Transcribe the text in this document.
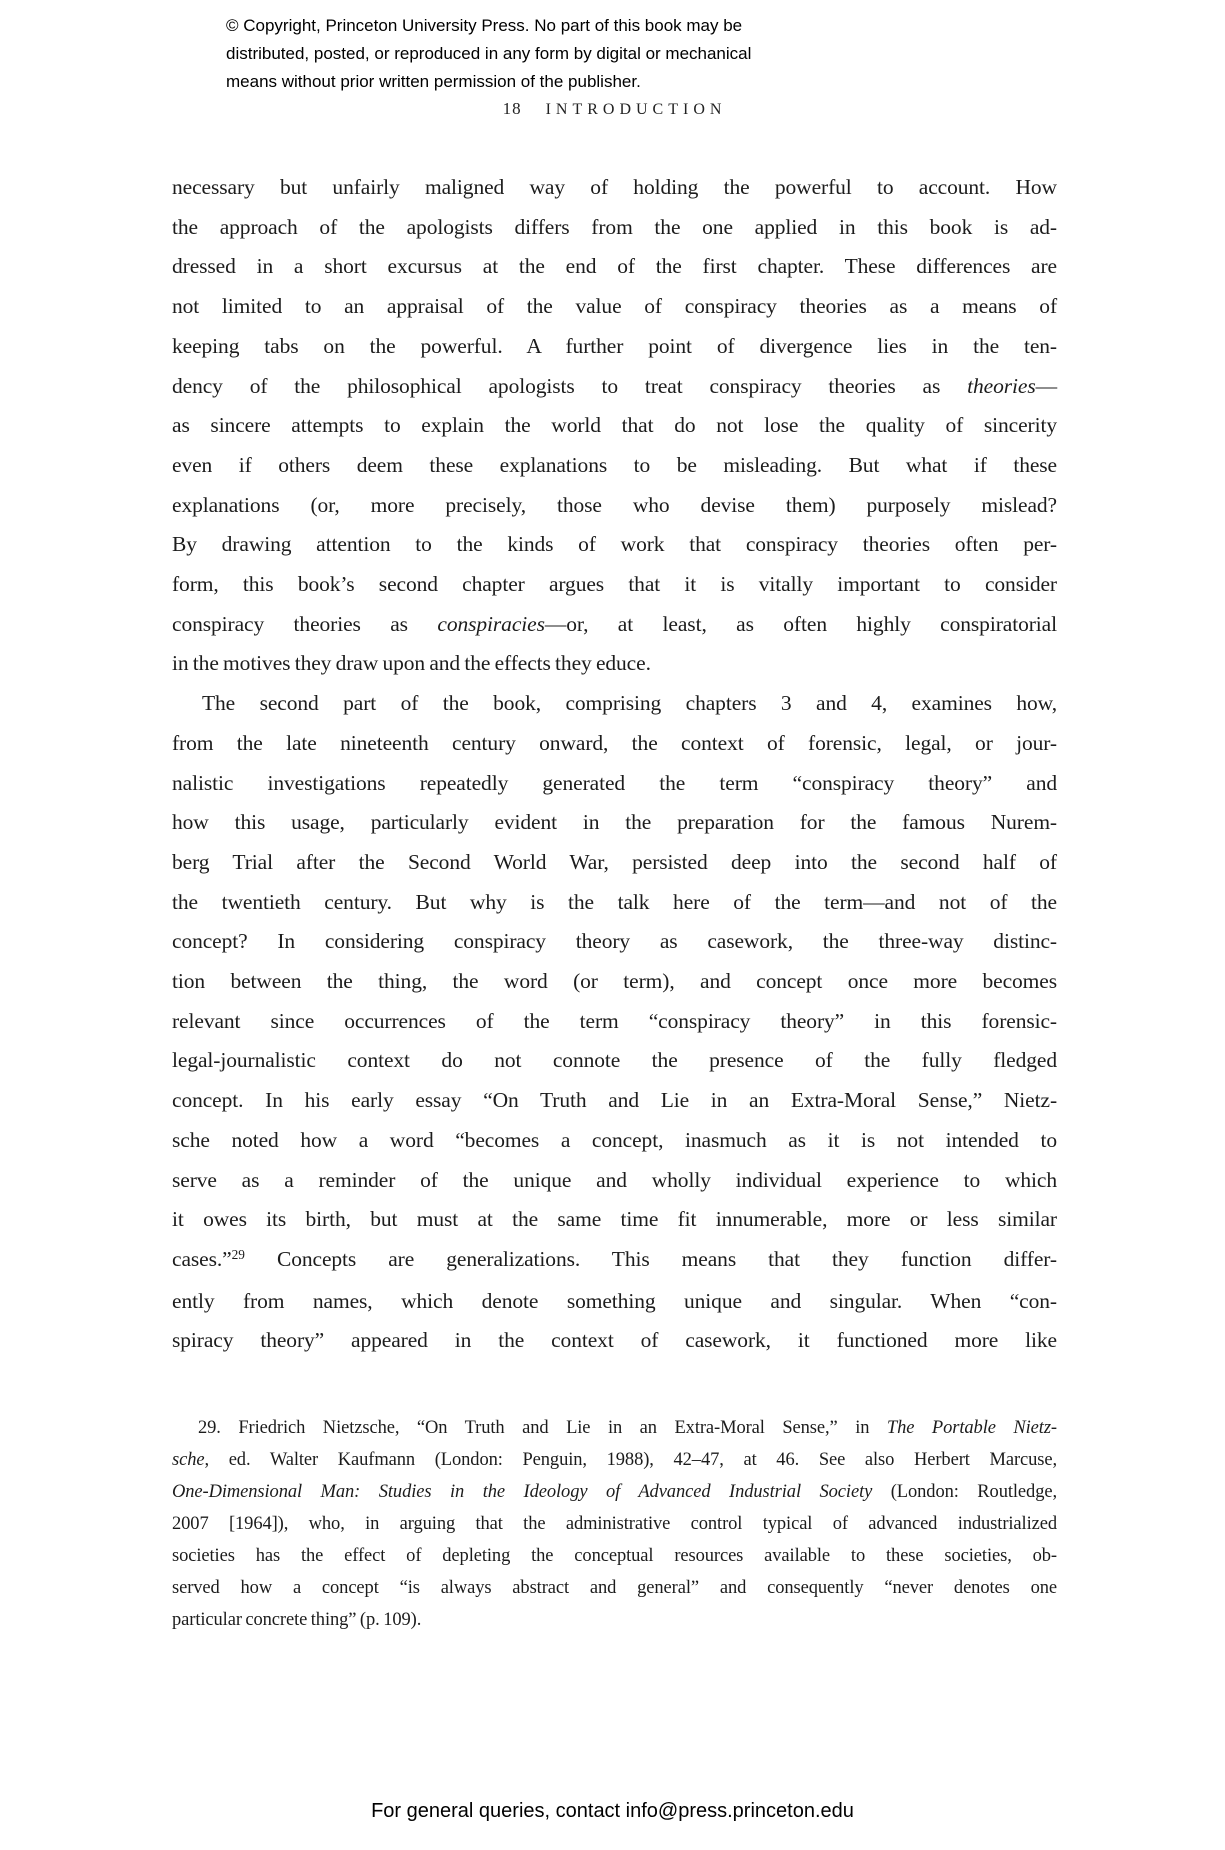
© Copyright, Princeton University Press. No part of this book may be
distributed, posted, or reproduced in any form by digital or mechanical
means without prior written permission of the publisher.
18 INTRODUCTION
necessary but unfairly maligned way of holding the powerful to account. How
the approach of the apologists differs from the one applied in this book is ad-
dressed in a short excursus at the end of the first chapter. These differences are
not limited to an appraisal of the value of conspiracy theories as a means of
keeping tabs on the powerful. A further point of divergence lies in the ten-
dency of the philosophical apologists to treat conspiracy theories as theories—
as sincere attempts to explain the world that do not lose the quality of sincerity
even if others deem these explanations to be misleading. But what if these
explanations (or, more precisely, those who devise them) purposely mislead?
By drawing attention to the kinds of work that conspiracy theories often per-
form, this book’s second chapter argues that it is vitally important to consider
conspiracy theories as conspiracies—or, at least, as often highly conspiratorial
in the motives they draw upon and the effects they educe.
The second part of the book, comprising chapters 3 and 4, examines how,
from the late nineteenth century onward, the context of forensic, legal, or jour-
nalistic investigations repeatedly generated the term “conspiracy theory” and
how this usage, particularly evident in the preparation for the famous Nurem-
berg Trial after the Second World War, persisted deep into the second half of
the twentieth century. But why is the talk here of the term—and not of the
concept? In considering conspiracy theory as casework, the three-way distinc-
tion between the thing, the word (or term), and concept once more becomes
relevant since occurrences of the term “conspiracy theory” in this forensic-
legal-journalistic context do not connote the presence of the fully fledged
concept. In his early essay “On Truth and Lie in an Extra-Moral Sense,” Nietz-
sche noted how a word “becomes a concept, inasmuch as it is not intended to
serve as a reminder of the unique and wholly individual experience to which
it owes its birth, but must at the same time fit innumerable, more or less similar
cases.”$^{29}$ Concepts are generalizations. This means that they function differ-
ently from names, which denote something unique and singular. When “con-
spiracy theory” appeared in the context of casework, it functioned more like
29. Friedrich Nietzsche, “On Truth and Lie in an Extra-Moral Sense,” in The Portable Nietz-
sche, ed. Walter Kaufmann (London: Penguin, 1988), 42–47, at 46. See also Herbert Marcuse,
One-Dimensional Man: Studies in the Ideology of Advanced Industrial Society (London: Routledge,
2007 [1964]), who, in arguing that the administrative control typical of advanced industrialized
societies has the effect of depleting the conceptual resources available to these societies, ob-
served how a concept “is always abstract and general” and consequently “never denotes one
particular concrete thing” (p. 109).
For general queries, contact info@press.princeton.edu
